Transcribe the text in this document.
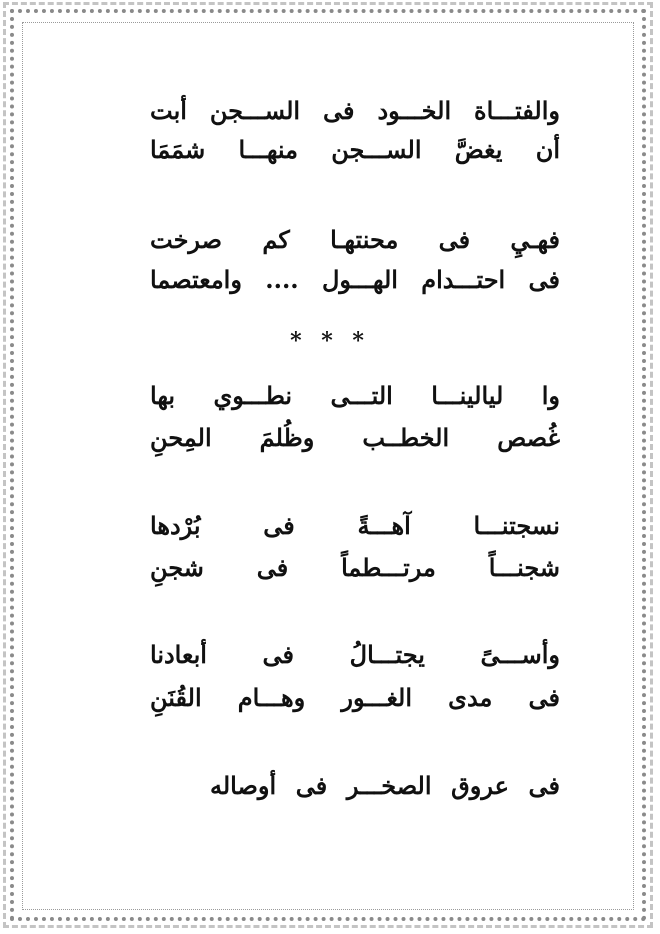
والفتـــاة الخـــود فى الســـجن أبت
أن يغضَّ الســـجن منهـــا شمَمَا
فهـيِ فى محنتهـا كم صرخت
فى احتـــدام الهـــول .... وامعتصما
وا ليالينـــا التـــى نطـــوي بها
غُصص الخطــب وظُلمَ المِحنِ
نسجتنـــا آهـــةً فى بُرْدها
شجنـــاً مرتـــطماً فى شجنِ
وأســـىً يجتـــالُ فى أبعادنا
فى مدى الغـــور وهـــام القُنَنِ
فى عروق الصخـــر فى أوصاله
* * *
